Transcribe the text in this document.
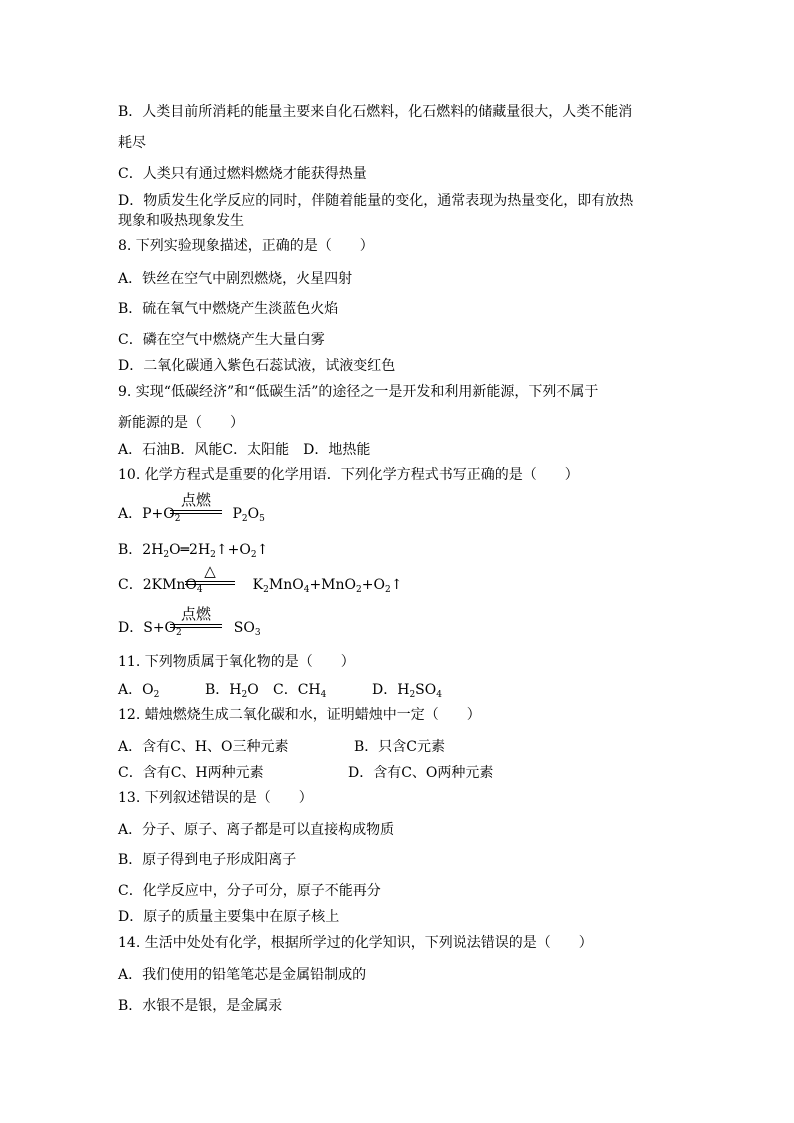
B．人类目前所消耗的能量主要来自化石燃料，化石燃料的储藏量很大，人类不能消
耗尽
C．人类只有通过燃料燃烧才能获得热量
D．物质发生化学反应的同时，伴随着能量的变化，通常表现为热量变化，即有放热
现象和吸热现象发生
8. 下列实验现象描述，正确的是（　　）
A．铁丝在空气中剧烈燃烧，火星四射
B．硫在氧气中燃烧产生淡蓝色火焰
C．磷在空气中燃烧产生大量白雾
D．二氧化碳通入紫色石蕊试液，试液变红色
9. 实现“低碳经济”和“低碳生活”的途径之一是开发和利用新能源，下列不属于
新能源的是（　　）
A．石油B．风能C．太阳能　D．地热能
10. 化学方程式是重要的化学用语．下列化学方程式书写正确的是（　　）
A．$P+O_2$	$P_2O_5$
点燃
B．$2H_2O═2H_2↑+O_2↑$
C．2KMnO$_4$	$K_2MnO_4+MnO_2+O_2↑$
△
D．$S+O_2$	$SO_3$
点燃
11. 下列物质属于氧化物的是（　　）
A．$O_2$	B．$H_2O$ C．$CH_4$	D．$H_2SO_4$
12. 蜡烛燃烧生成二氧化碳和水，证明蜡烛中一定（　　）
A．含有C、H、O三种元素	B．只含C元素
C．含有C、H两种元素	D．含有C、O两种元素
13. 下列叙述错误的是（　　）
A．分子、原子、离子都是可以直接构成物质
B．原子得到电子形成阳离子
C．化学反应中，分子可分，原子不能再分
D．原子的质量主要集中在原子核上
14. 生活中处处有化学，根据所学过的化学知识，下列说法错误的是（　　）
A．我们使用的铅笔笔芯是金属铅制成的
B．水银不是银，是金属汞
